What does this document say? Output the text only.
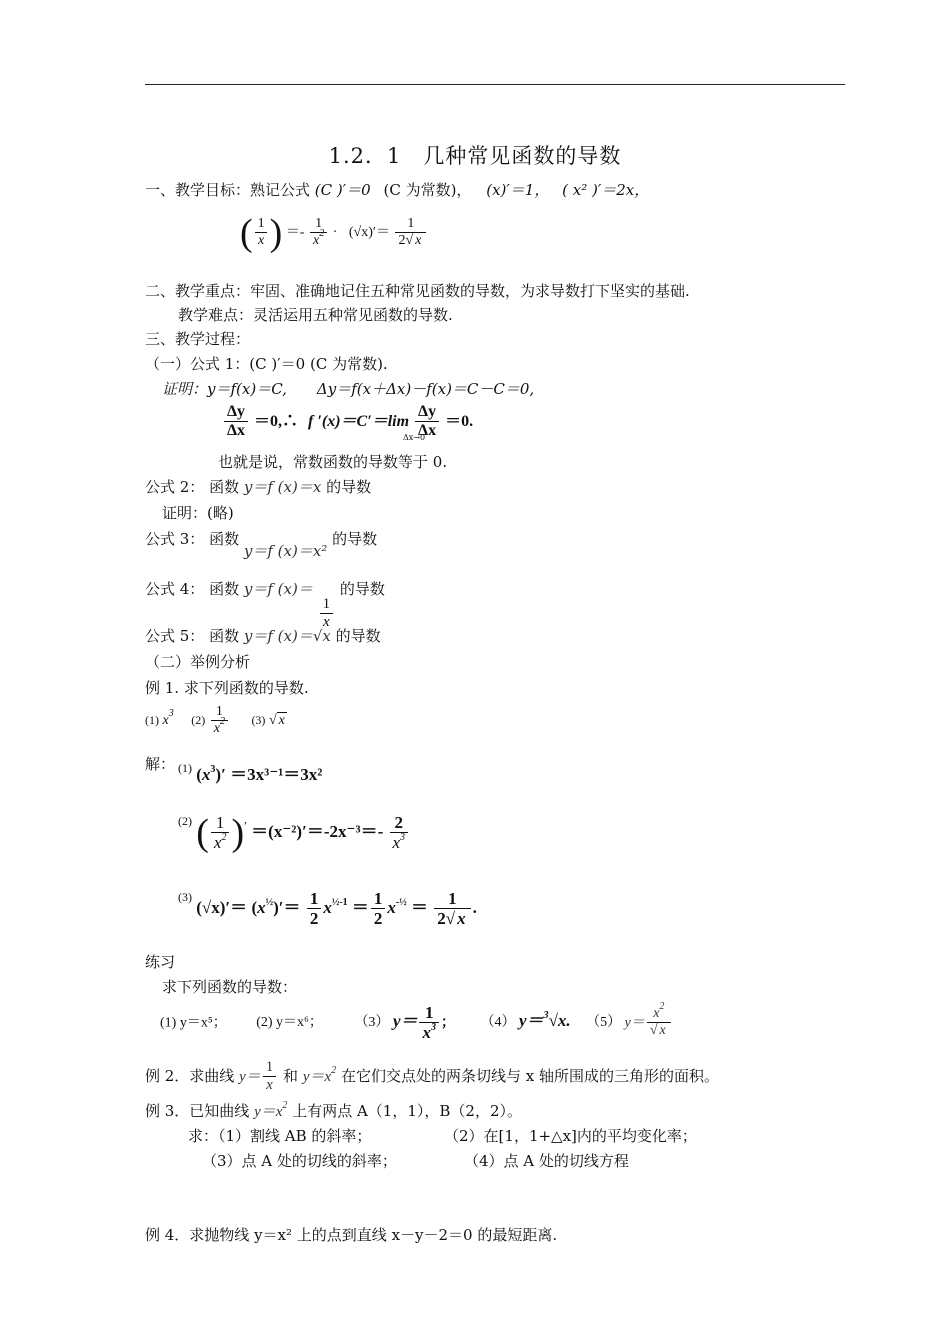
1.2．1　几种常见函数的导数
一、教学目标：熟记公式 (C )′＝0 (C 为常数)， (x)′＝1， ( x² )′＝2x，
( $\frac{1}{x}$ ) ＝- $\frac{1}{x^2} \cdot (√x)'= \frac{1}{2√ x}$
二、教学重点：牢固、准确地记住五种常见函数的导数，为求导数打下坚实的基础.
教学难点：灵活运用五种常见函数的导数.
三、教学过程：
（一）公式 1：(C )′＝0 (C 为常数).
证明：y＝f(x)＝C,　　Δy＝f(x＋Δx)－f(x)＝C－C＝0,
$\frac{\Delta y}{\Delta x}$ ＝0,∴ f $'(x)=C'=\lim \frac{\Delta y}{\Delta x} =0$.
Δx→0
也就是说，常数函数的导数等于 0.
公式 2： 函数 y＝f (x)＝x 的导数
证明：(略)
公式 3： 函数 y＝f (x)＝x² 的导数
公式 4： 函数 y＝f (x)＝
$\frac{1}{x}$
的导数
公式 5： 函数 y＝f (x)＝√x 的导数
（二）举例分析
例 1. 求下列函数的导数.
(1) $x^3$ $(2) \frac{1}{x^2} (3)$ √ x
解： (1) $(x^3)' =3x^{3-1}=3x^2$
$^{(2)}$ ( $\frac{1}{x^2} )' =(x^{-2})'=-2x^{-3}=- \frac{2}{x^3}$
$^{(3)}$ $(√x)'= (x^{\frac{1}{2}})'= \frac{1}{2} x^{\frac{1}{2}-1} = \frac{1}{2} x^{-\frac{1}{2}} = \frac{1}{2√ x}$ .
练习
求下列函数的导数：
(1) y＝x⁵； (2) y＝x⁶； （3） $y= \frac{1}{x^3}$ ； （4） y＝$^3$√x. （5） $y= \frac{x^2}{√ x}$
例 2．求曲线 $y= \frac{1}{x}$ 和 $y=x^2$ 在它们交点处的两条切线与 x 轴所围成的三角形的面积。
例 3．已知曲线 $y=x^2$ 上有两点 A（1，1），B（2，2）。
求：（1）割线 AB 的斜率；	（2）在[1，1+△x]内的平均变化率；
（3）点 A 处的切线的斜率；	（4）点 A 处的切线方程
例 4．求抛物线 y＝x² 上的点到直线 x－y－2＝0 的最短距离.
